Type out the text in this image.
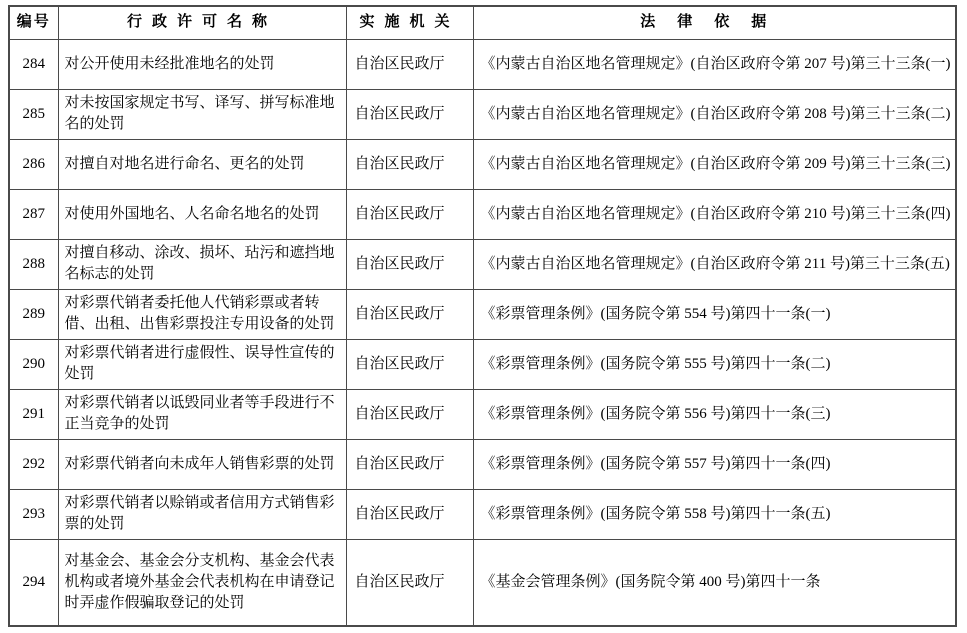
编号	行政许可名称	实施机关	法律依据
284	对公开使用未经批准地名的处罚	自治区民政厅	《内蒙古自治区地名管理规定》(自治区政府令第 207 号)第三十三条(一)
285	对未按国家规定书写、译写、拼写标准地名的处罚	自治区民政厅	《内蒙古自治区地名管理规定》(自治区政府令第 208 号)第三十三条(二)
286	对擅自对地名进行命名、更名的处罚	自治区民政厅	《内蒙古自治区地名管理规定》(自治区政府令第 209 号)第三十三条(三)
287	对使用外国地名、人名命名地名的处罚	自治区民政厅	《内蒙古自治区地名管理规定》(自治区政府令第 210 号)第三十三条(四)
288	对擅自移动、涂改、损坏、玷污和遮挡地名标志的处罚	自治区民政厅	《内蒙古自治区地名管理规定》(自治区政府令第 211 号)第三十三条(五)
289	对彩票代销者委托他人代销彩票或者转借、出租、出售彩票投注专用设备的处罚	自治区民政厅	《彩票管理条例》(国务院令第 554 号)第四十一条(一)
290	对彩票代销者进行虚假性、误导性宣传的处罚	自治区民政厅	《彩票管理条例》(国务院令第 555 号)第四十一条(二)
291	对彩票代销者以诋毁同业者等手段进行不正当竞争的处罚	自治区民政厅	《彩票管理条例》(国务院令第 556 号)第四十一条(三)
292	对彩票代销者向未成年人销售彩票的处罚	自治区民政厅	《彩票管理条例》(国务院令第 557 号)第四十一条(四)
293	对彩票代销者以赊销或者信用方式销售彩票的处罚	自治区民政厅	《彩票管理条例》(国务院令第 558 号)第四十一条(五)
294	对基金会、基金会分支机构、基金会代表机构或者境外基金会代表机构在申请登记时弄虚作假骗取登记的处罚	自治区民政厅	《基金会管理条例》(国务院令第 400 号)第四十一条
